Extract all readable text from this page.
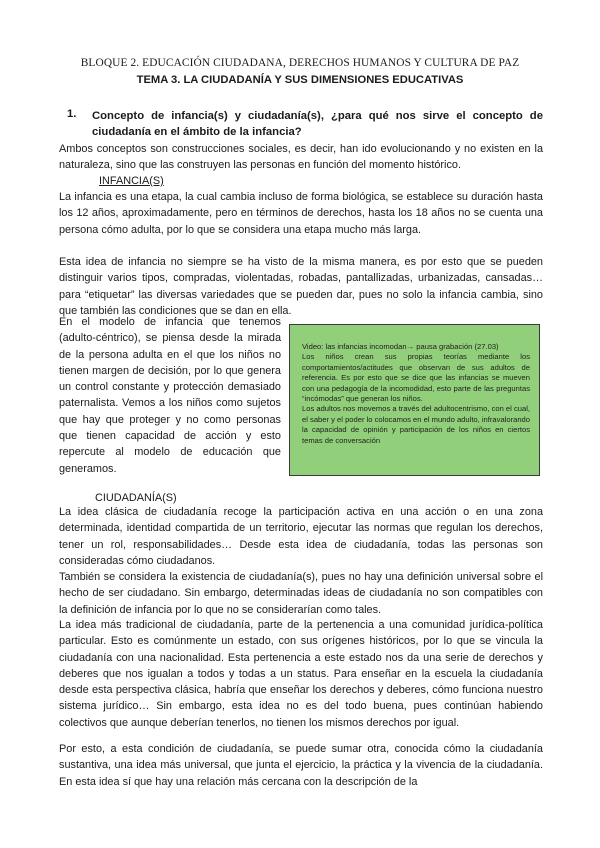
BLOQUE 2. EDUCACIÓN CIUDADANA, DERECHOS HUMANOS Y CULTURA DE PAZ
TEMA 3. LA CIUDADANÍA Y SUS DIMENSIONES EDUCATIVAS
1. Concepto de infancia(s) y ciudadanía(s), ¿para qué nos sirve el concepto de ciudadanía en el ámbito de la infancia?

Ambos conceptos son construcciones sociales, es decir, han ido evolucionando y no existen en la naturaleza, sino que las construyen las personas en función del momento histórico.

INFANCIA(S)

La infancia es una etapa, la cual cambia incluso de forma biológica, se establece su duración hasta los 12 años, aproximadamente, pero en términos de derechos, hasta los 18 años no se cuenta una persona cómo adulta, por lo que se considera una etapa mucho más larga.

Esta idea de infancia no siempre se ha visto de la misma manera, es por esto que se pueden distinguir varios tipos, compradas, violentadas, robadas, pantallizadas, urbanizadas, cansadas… para “etiquetar” las diversas variedades que se pueden dar, pues no solo la infancia cambia, sino que también las condiciones que se dan en ella.

En el modelo de infancia que tenemos (adulto-céntrico), se piensa desde la mirada de la persona adulta en el que los niños no tienen margen de decisión, por lo que genera un control constante y protección demasiado paternalista. Vemos a los niños como sujetos que hay que proteger y no como personas que tienen capacidad de acción y esto repercute al modelo de educación que generamos.

Video: las infancias incomodan→ pausa grabación (27.03)

Los niños crean sus propias teorías mediante los comportamientos/actitudes que observan de sus adultos de referencia. Es por esto que se dice que las infancias se mueven con una pedagogía de la incomodidad, esto parte de las preguntas “incómodas” que generan los niños.

Los adultos nos movemos a través del adultocentrismo, con el cual, el saber y el poder lo colocamos en el mundo adulto, infravalorando la capacidad de opinión y participación de los niños en ciertos temas de conversación

CIUDADANÍA(S)

La idea clásica de ciudadanía recoge la participación activa en una acción o en una zona determinada, identidad compartida de un territorio, ejecutar las normas que regulan los derechos, tener un rol, responsabilidades… Desde esta idea de ciudadanía, todas las personas son consideradas cómo ciudadanos.

También se considera la existencia de ciudadanía(s), pues no hay una definición universal sobre el hecho de ser ciudadano. Sin embargo, determinadas ideas de ciudadanía no son compatibles con la definición de infancia por lo que no se considerarían como tales.

La idea más tradicional de ciudadanía, parte de la pertenencia a una comunidad jurídica-política particular. Esto es comúnmente un estado, con sus orígenes históricos, por lo que se vincula la ciudadanía con una nacionalidad. Esta pertenencia a este estado nos da una serie de derechos y deberes que nos igualan a todos y todas a un status. Para enseñar en la escuela la ciudadanía desde esta perspectiva clásica, habría que enseñar los derechos y deberes, cómo funciona nuestro sistema jurídico… Sin embargo, esta idea no es del todo buena, pues continúan habiendo colectivos que aunque deberían tenerlos, no tienen los mismos derechos por igual.

Por esto, a esta condición de ciudadanía, se puede sumar otra, conocida cómo la ciudadanía sustantiva, una idea más universal, que junta el ejercicio, la práctica y la vivencia de la ciudadanía. En esta idea sí que hay una relación más cercana con la descripción de la
